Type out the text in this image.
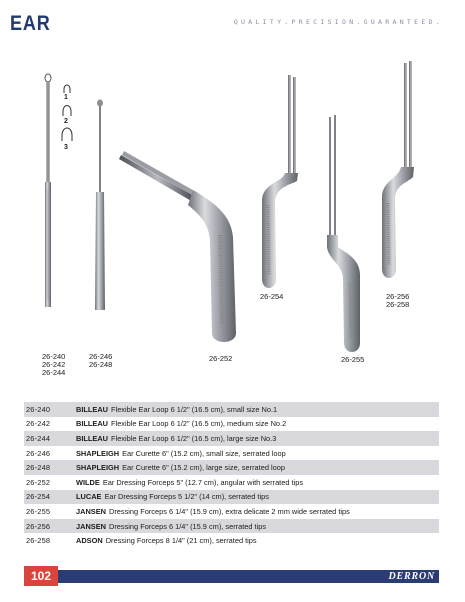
EAR	QUALITY.PRECISION.GUARANTEED.
1
2
3
26-240
26-242
26-244
26-246
26-248
26-252
26-254
26-255
26-256
26-258
26-240	BILLEAU Flexible Ear Loop 6 1/2" (16.5 cm), small size No.1
26-242	BILLEAU Flexible Ear Loop 6 1/2" (16.5 cm), medium size No.2
26-244	BILLEAU Flexible Ear Loop 6 1/2" (16.5 cm), large size No.3
26-246	SHAPLEIGH Ear Curette 6" (15.2 cm), small size, serrated loop
26-248	SHAPLEIGH Ear Curette 6" (15.2 cm), large size, serrated loop
26-252	WILDE Ear Dressing Forceps 5" (12.7 cm), angular with serrated tips
26-254	LUCAE Ear Dressing Forceps 5 1/2" (14 cm), serrated tips
26-255	JANSEN Dressing Forceps 6 1/4" (15.9 cm), extra delicate 2 mm wide serrated tips
26-256	JANSEN Dressing Forceps 6 1/4" (15.9 cm), serrated tips
26-258	ADSON Dressing Forceps 8 1/4" (21 cm), serrated tips
102	DERRON
